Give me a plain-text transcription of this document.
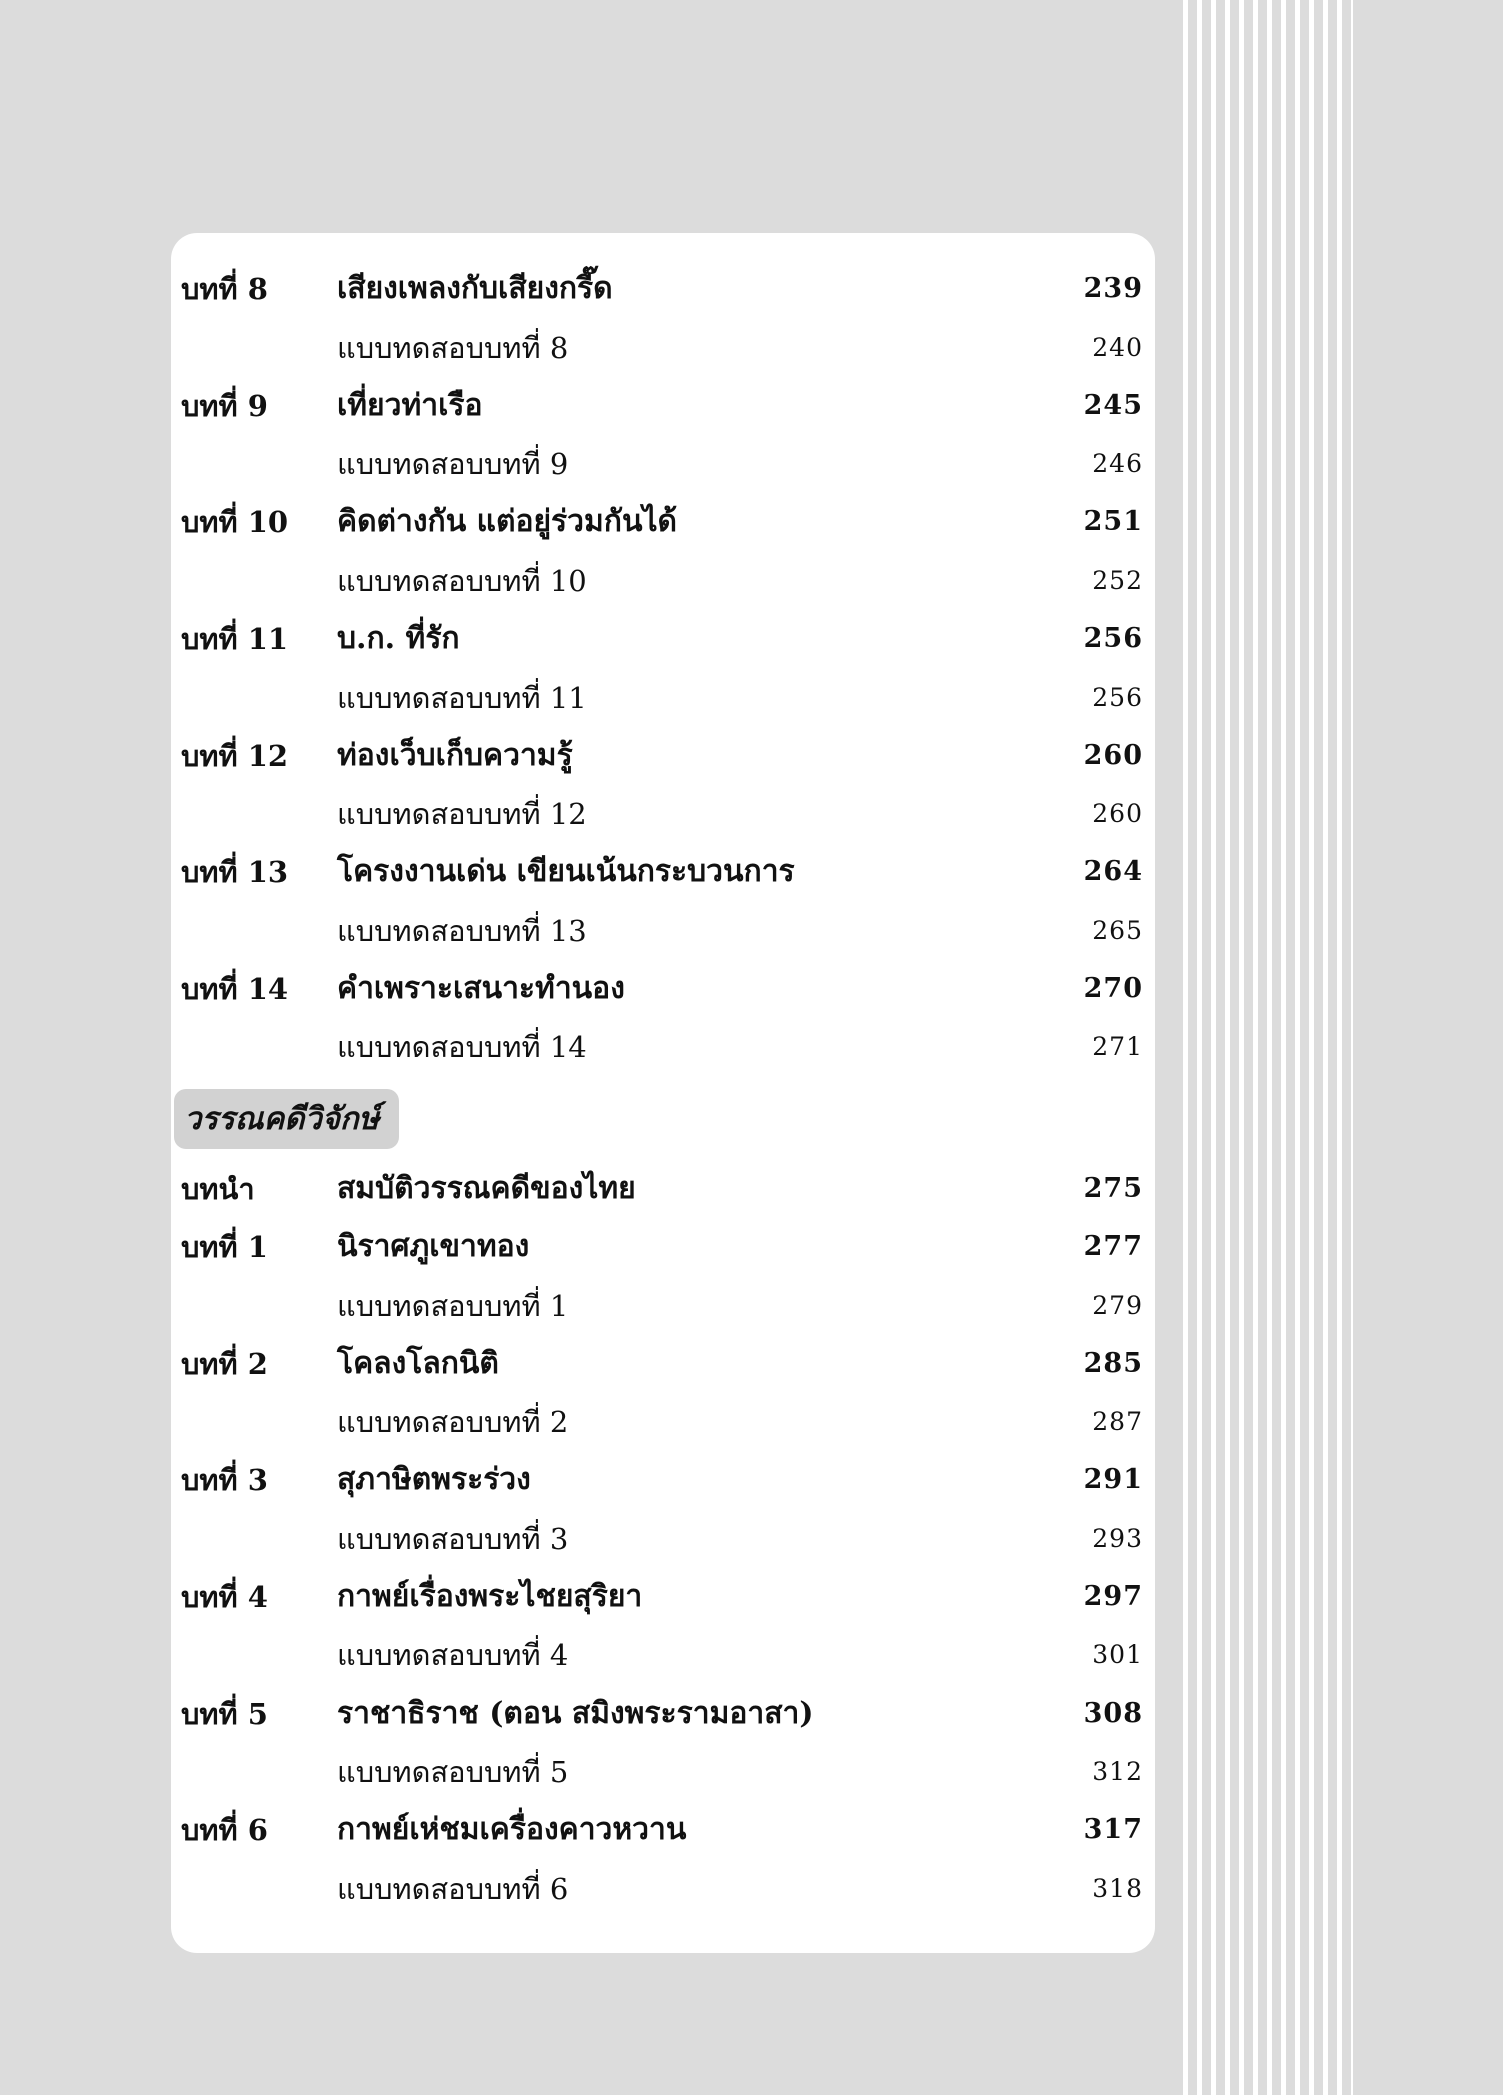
บทที่ 8 เสียงเพลงกับเสียงกรี๊ด	239
แบบทดสอบบทที่ 8	240
บทที่ 9 เที่ยวท่าเรือ	245
แบบทดสอบบทที่ 9	246
บทที่ 10 คิดต่างกัน แต่อยู่ร่วมกันได้	251
แบบทดสอบบทที่ 10	252
บทที่ 11 บ.ก. ที่รัก	256
แบบทดสอบบทที่ 11	256
บทที่ 12 ท่องเว็บเก็บความรู้	260
แบบทดสอบบทที่ 12	260
บทที่ 13 โครงงานเด่น เขียนเน้นกระบวนการ	264
แบบทดสอบบทที่ 13	265
บทที่ 14 คำเพราะเสนาะทำนอง	270
แบบทดสอบบทที่ 14	271
วรรณคดีวิจักษ์
บทนำ	สมบัติวรรณคดีของไทย	275
บทที่ 1 นิราศภูเขาทอง	277
แบบทดสอบบทที่ 1	279
บทที่ 2 โคลงโลกนิติ	285
แบบทดสอบบทที่ 2	287
บทที่ 3 สุภาษิตพระร่วง	291
แบบทดสอบบทที่ 3	293
บทที่ 4 กาพย์เรื่องพระไชยสุริยา	297
แบบทดสอบบทที่ 4	301
บทที่ 5 ราชาธิราช (ตอน สมิงพระรามอาสา)	308
แบบทดสอบบทที่ 5	312
บทที่ 6 กาพย์เห่ชมเครื่องคาวหวาน	317
แบบทดสอบบทที่ 6	318
